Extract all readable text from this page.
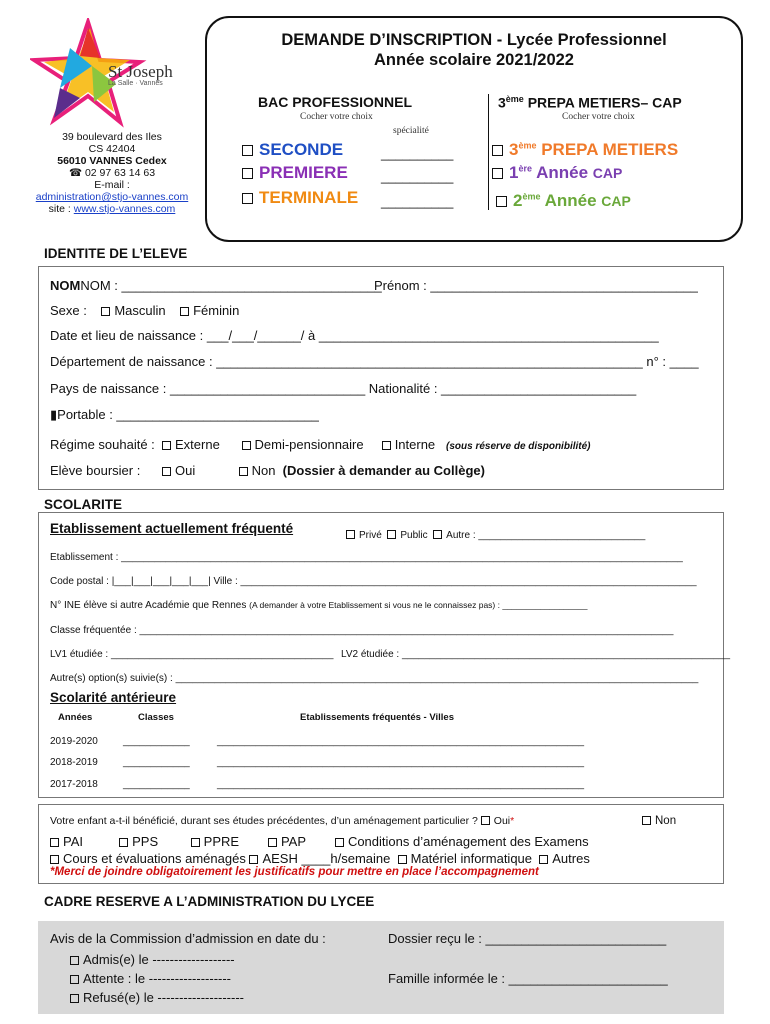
St Joseph
La Salle · Vannes
39 boulevard des Iles
CS 42404
56010 VANNES Cedex
☎ 02 97 63 14 63
E-mail :
administration@stjo-vannes.com
site : www.stjo-vannes.com
DEMANDE D’INSCRIPTION - Lycée Professionnel
Année scolaire 2021/2022
BAC PROFESSIONNEL
Cocher votre choix
spécialité
3ème PREPA METIERS– CAP
Cocher votre choix
SECONDE
PREMIERE
TERMINALE
__________
__________
__________
3ème PREPA METIERS
1ère Année CAP
2ème Année CAP
IDENTITE DE L’ELEVE
NOMNOM : ____________________________________
Prénom : _____________________________________
Sexe : Masculin Féminin
Date et lieu de naissance : ___/___/______/ à _______________________________________________
Département de naissance : ___________________________________________________________ n° : ____
Pays de naissance : ___________________________ Nationalité : ___________________________
▮Portable : ____________________________
Régime souhaité : Externe	Demi-pensionnaire Interne (sous réserve de disponibilité)
Elève boursier :	Oui	Non (Dossier à demander au Collège)
SCOLARITE
Etablissement actuellement fréquenté	Privé Public Autre : ______________________________
Etablissement : _____________________________________________________________________________________________________
Code postal : |___|___|___|___|___| Ville : __________________________________________________________________________________
N° INE élève si autre Académie que Rennes (A demander à votre Etablissement si vous ne le connaissez pas) : __________________
Classe fréquentée : ________________________________________________________________________________________________
LV1 étudiée : ________________________________________ LV2 étudiée : ___________________________________________________________
Autre(s) option(s) suivie(s) : ______________________________________________________________________________________________
Scolarité antérieure
Années	Classes	Etablissements fréquentés - Villes
2019-2020	____________	__________________________________________________________________
2018-2019	____________	__________________________________________________________________
2017-2018	____________	__________________________________________________________________
Votre enfant a-t-il bénéficié, durant ses études précédentes, d’un aménagement particulier ? Oui*	Non
PAI	PPS	PPRE	PAP	Conditions d’aménagement des Examens
Cours et évaluations aménagés AESH ____h/semaine Matériel informatique Autres
*Merci de joindre obligatoirement les justificatifs pour mettre en place l’accompagnement
CADRE RESERVE A L’ADMINISTRATION DU LYCEE
Avis de la Commission d’admission en date du :	Dossier reçu le : _________________________
Admis(e) le -------------------
Attente : le -------------------	Famille informée le : ______________________
Refusé(e) le --------------------
